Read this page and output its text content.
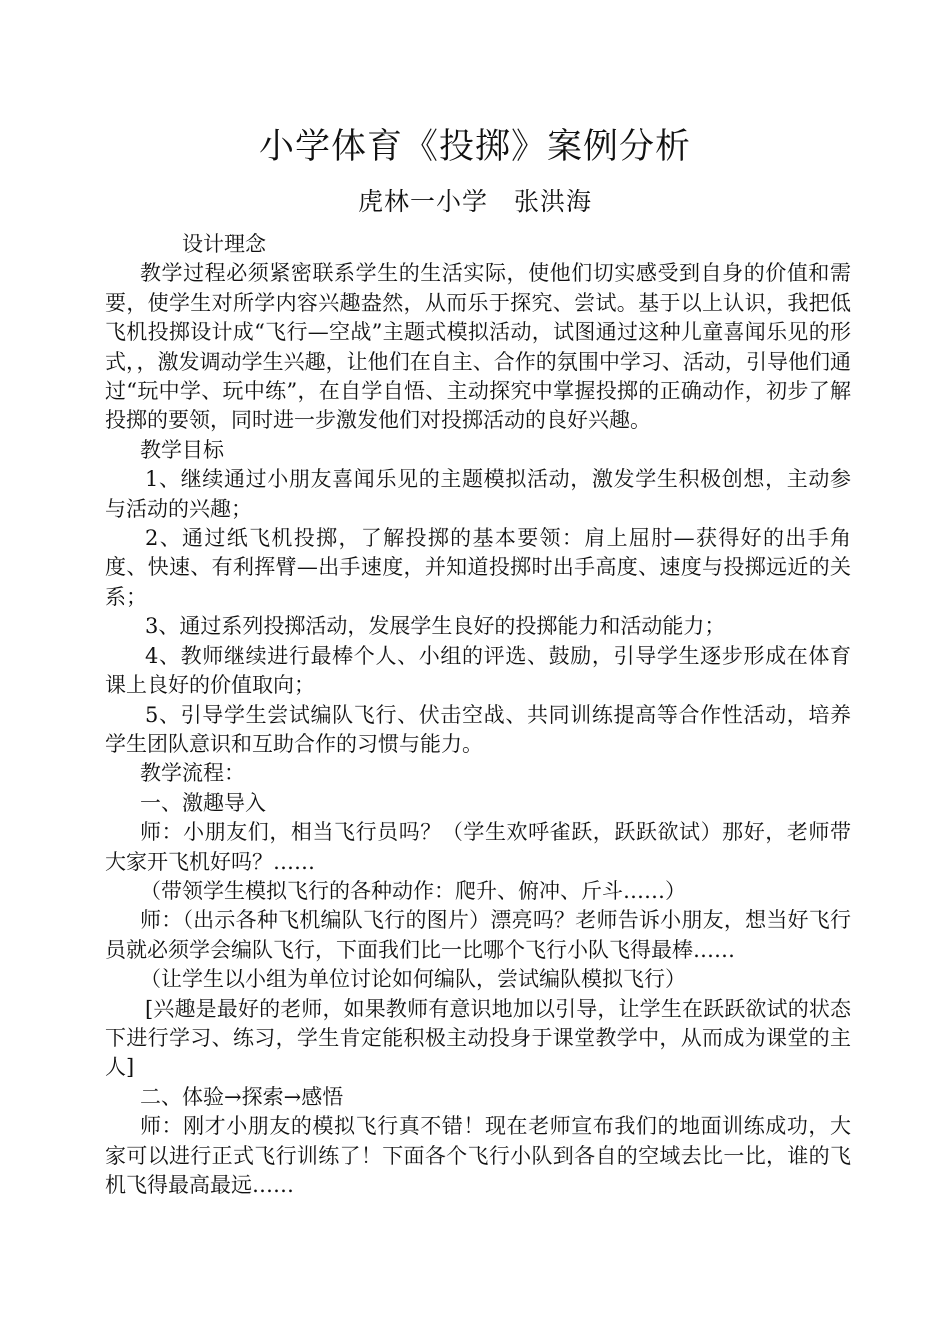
小学体育《投掷》案例分析
虎林一小学　张洪海

设计理念

教学过程必须紧密联系学生的生活实际，使他们切实感受到自身的价值和需要，使学生对所学内容兴趣盎然，从而乐于探究、尝试。基于以上认识，我把低飞机投掷设计成“飞行—空战”主题式模拟活动，试图通过这种儿童喜闻乐见的形式，，激发调动学生兴趣，让他们在自主、合作的氛围中学习、活动，引导他们通过“玩中学、玩中练”，在自学自悟、主动探究中掌握投掷的正确动作，初步了解投掷的要领，同时进一步激发他们对投掷活动的良好兴趣。

教学目标

1、继续通过小朋友喜闻乐见的主题模拟活动，激发学生积极创想，主动参与活动的兴趣；

2、通过纸飞机投掷，了解投掷的基本要领：肩上屈肘—获得好的出手角度、快速、有利挥臂—出手速度，并知道投掷时出手高度、速度与投掷远近的关系；

3、通过系列投掷活动，发展学生良好的投掷能力和活动能力；

4、教师继续进行最棒个人、小组的评选、鼓励，引导学生逐步形成在体育课上良好的价值取向；

5、引导学生尝试编队飞行、伏击空战、共同训练提高等合作性活动，培养学生团队意识和互助合作的习惯与能力。

教学流程：

一、激趣导入

师：小朋友们，相当飞行员吗？（学生欢呼雀跃，跃跃欲试）那好，老师带大家开飞机好吗？……

（带领学生模拟飞行的各种动作：爬升、俯冲、斤斗……）

师：（出示各种飞机编队飞行的图片）漂亮吗？老师告诉小朋友，想当好飞行员就必须学会编队飞行，下面我们比一比哪个飞行小队飞得最棒……

（让学生以小组为单位讨论如何编队，尝试编队模拟飞行）

[兴趣是最好的老师，如果教师有意识地加以引导，让学生在跃跃欲试的状态下进行学习、练习，学生肯定能积极主动投身于课堂教学中，从而成为课堂的主人]

二、体验→探索→感悟

师：刚才小朋友的模拟飞行真不错！现在老师宣布我们的地面训练成功，大家可以进行正式飞行训练了！下面各个飞行小队到各自的空域去比一比，谁的飞机飞得最高最远……
